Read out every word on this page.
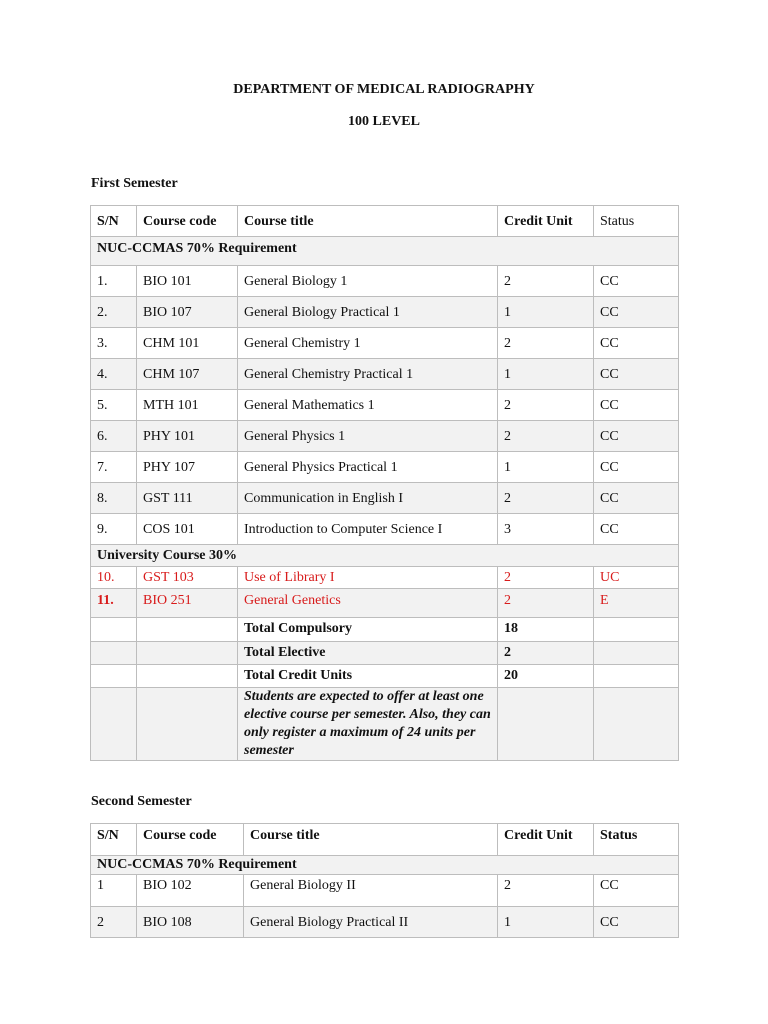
DEPARTMENT OF MEDICAL RADIOGRAPHY
100 LEVEL
First Semester
S/N	Course code	Course title	Credit Unit	Status
NUC-CCMAS 70% Requirement				
1.	BIO 101	General Biology 1	2	CC
2.	BIO 107	General Biology Practical 1	1	CC
3.	CHM 101	General Chemistry 1	2	CC
4.	CHM 107	General Chemistry Practical 1	1	CC
5.	MTH 101	General Mathematics 1	2	CC
6.	PHY 101	General Physics 1	2	CC
7.	PHY 107	General Physics Practical 1	1	CC
8.	GST 111	Communication in English I	2	CC
9.	COS 101	Introduction to Computer Science I	3	CC
University Course 30%				
10.	GST 103	Use of Library I	2	UC
11.	BIO 251	General Genetics	2	E
		Total Compulsory	18	
		Total Elective	2	
		Total Credit Units	20	
		Students are expected to offer at least one elective course per semester. Also, they can only register a maximum of 24 units per semester		
Second Semester
S/N	Course code	Course title	Credit Unit	Status
NUC-CCMAS 70% Requirement				
1	BIO 102	General Biology II	2	CC
2	BIO 108	General Biology Practical II	1	CC
